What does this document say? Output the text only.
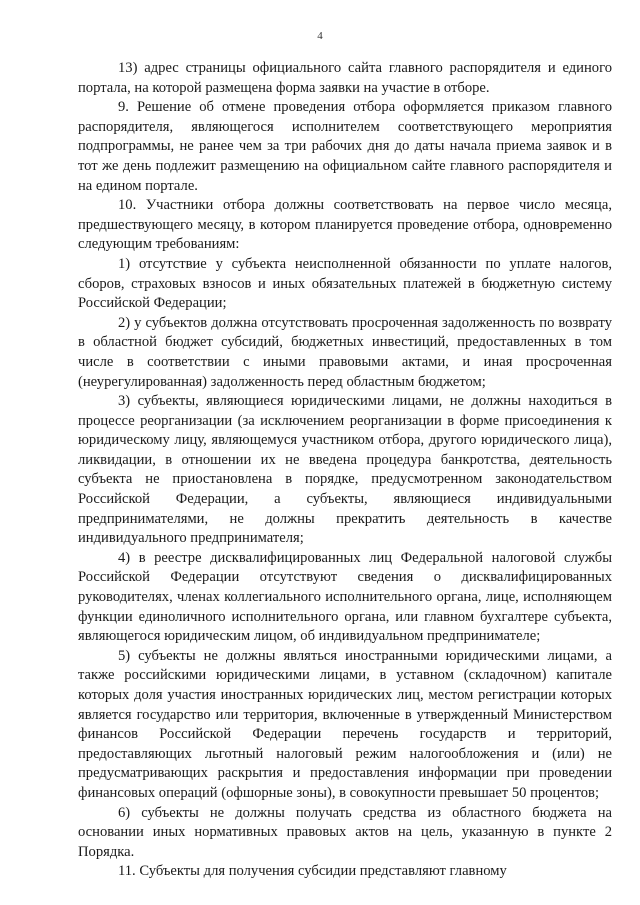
4

13) адрес страницы официального сайта главного распорядителя и единого портала, на которой размещена форма заявки на участие в отборе.

9. Решение об отмене проведения отбора оформляется приказом главного распорядителя, являющегося исполнителем соответствующего мероприятия подпрограммы, не ранее чем за три рабочих дня до даты начала приема заявок и в тот же день подлежит размещению на официальном сайте главного распорядителя и на едином портале.

10. Участники отбора должны соответствовать на первое число месяца, предшествующего месяцу, в котором планируется проведение отбора, одновременно следующим требованиям:

1) отсутствие у субъекта неисполненной обязанности по уплате налогов, сборов, страховых взносов и иных обязательных платежей в бюджетную систему Российской Федерации;

2) у субъектов должна отсутствовать просроченная задолженность по возврату в областной бюджет субсидий, бюджетных инвестиций, предоставленных в том числе в соответствии с иными правовыми актами, и иная просроченная (неурегулированная) задолженность перед областным бюджетом;

3) субъекты, являющиеся юридическими лицами, не должны находиться в процессе реорганизации (за исключением реорганизации в форме присоединения к юридическому лицу, являющемуся участником отбора, другого юридического лица), ликвидации, в отношении их не введена процедура банкротства, деятельность субъекта не приостановлена в порядке, предусмотренном законодательством Российской Федерации, а субъекты, являющиеся индивидуальными предпринимателями, не должны прекратить деятельность в качестве индивидуального предпринимателя;

4) в реестре дисквалифицированных лиц Федеральной налоговой службы Российской Федерации отсутствуют сведения о дисквалифицированных руководителях, членах коллегиального исполнительного органа, лице, исполняющем функции единоличного исполнительного органа, или главном бухгалтере субъекта, являющегося юридическим лицом, об индивидуальном предпринимателе;

5) субъекты не должны являться иностранными юридическими лицами, а также российскими юридическими лицами, в уставном (складочном) капитале которых доля участия иностранных юридических лиц, местом регистрации которых является государство или территория, включенные в утвержденный Министерством финансов Российской Федерации перечень государств и территорий, предоставляющих льготный налоговый режим налогообложения и (или) не предусматривающих раскрытия и предоставления информации при проведении финансовых операций (офшорные зоны), в совокупности превышает 50 процентов;

6) субъекты не должны получать средства из областного бюджета на основании иных нормативных правовых актов на цель, указанную в пункте 2 Порядка.

11. Субъекты для получения субсидии представляют главному
